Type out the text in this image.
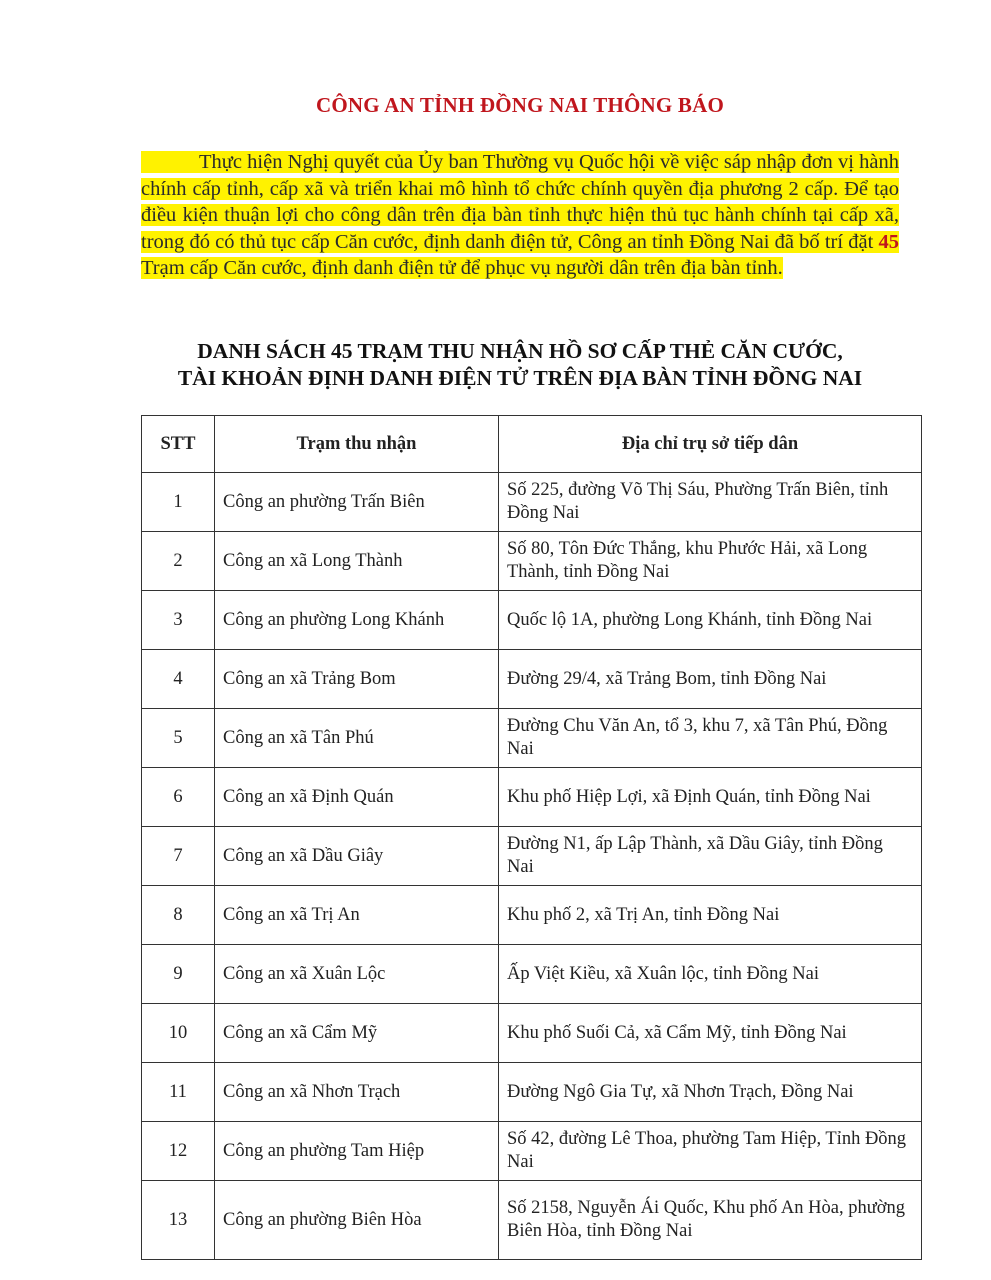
CÔNG AN TỈNH ĐỒNG NAI THÔNG BÁO
Thực hiện Nghị quyết của Ủy ban Thường vụ Quốc hội về việc sáp nhập đơn vị hành chính cấp tỉnh, cấp xã và triển khai mô hình tổ chức chính quyền địa phương 2 cấp. Để tạo điều kiện thuận lợi cho công dân trên địa bàn tỉnh thực hiện thủ tục hành chính tại cấp xã, trong đó có thủ tục cấp Căn cước, định danh điện tử, Công an tỉnh Đồng Nai đã bố trí đặt 45 Trạm cấp Căn cước, định danh điện tử để phục vụ người dân trên địa bàn tỉnh.
DANH SÁCH 45 TRẠM THU NHẬN HỒ SƠ CẤP THẺ CĂN CƯỚC,
TÀI KHOẢN ĐỊNH DANH ĐIỆN TỬ TRÊN ĐỊA BÀN TỈNH ĐỒNG NAI
STT	Trạm thu nhận	Địa chỉ trụ sở tiếp dân
1	Công an phường Trấn Biên	Số 225, đường Võ Thị Sáu, Phường Trấn Biên, tỉnh Đồng Nai
2	Công an xã Long Thành	Số 80, Tôn Đức Thắng, khu Phước Hải, xã Long Thành, tỉnh Đồng Nai
3	Công an phường Long Khánh	Quốc lộ 1A, phường Long Khánh, tỉnh Đồng Nai
4	Công an xã Trảng Bom	Đường 29/4, xã Trảng Bom, tỉnh Đồng Nai
5	Công an xã Tân Phú	Đường Chu Văn An, tổ 3, khu 7, xã Tân Phú, Đồng Nai
6	Công an xã Định Quán	Khu phố Hiệp Lợi, xã Định Quán, tỉnh Đồng Nai
7	Công an xã Dầu Giây	Đường N1, ấp Lập Thành, xã Dầu Giây, tỉnh Đồng Nai
8	Công an xã Trị An	Khu phố 2, xã Trị An, tỉnh Đồng Nai
9	Công an xã Xuân Lộc	Ấp Việt Kiều, xã Xuân lộc, tỉnh Đồng Nai
10	Công an xã Cẩm Mỹ	Khu phố Suối Cả, xã Cẩm Mỹ, tỉnh Đồng Nai
11	Công an xã Nhơn Trạch	Đường Ngô Gia Tự, xã Nhơn Trạch, Đồng Nai
12	Công an phường Tam Hiệp	Số 42, đường Lê Thoa, phường Tam Hiệp, Tỉnh Đồng Nai
13	Công an phường Biên Hòa	Số 2158, Nguyễn Ái Quốc, Khu phố An Hòa, phường Biên Hòa, tỉnh Đồng Nai
